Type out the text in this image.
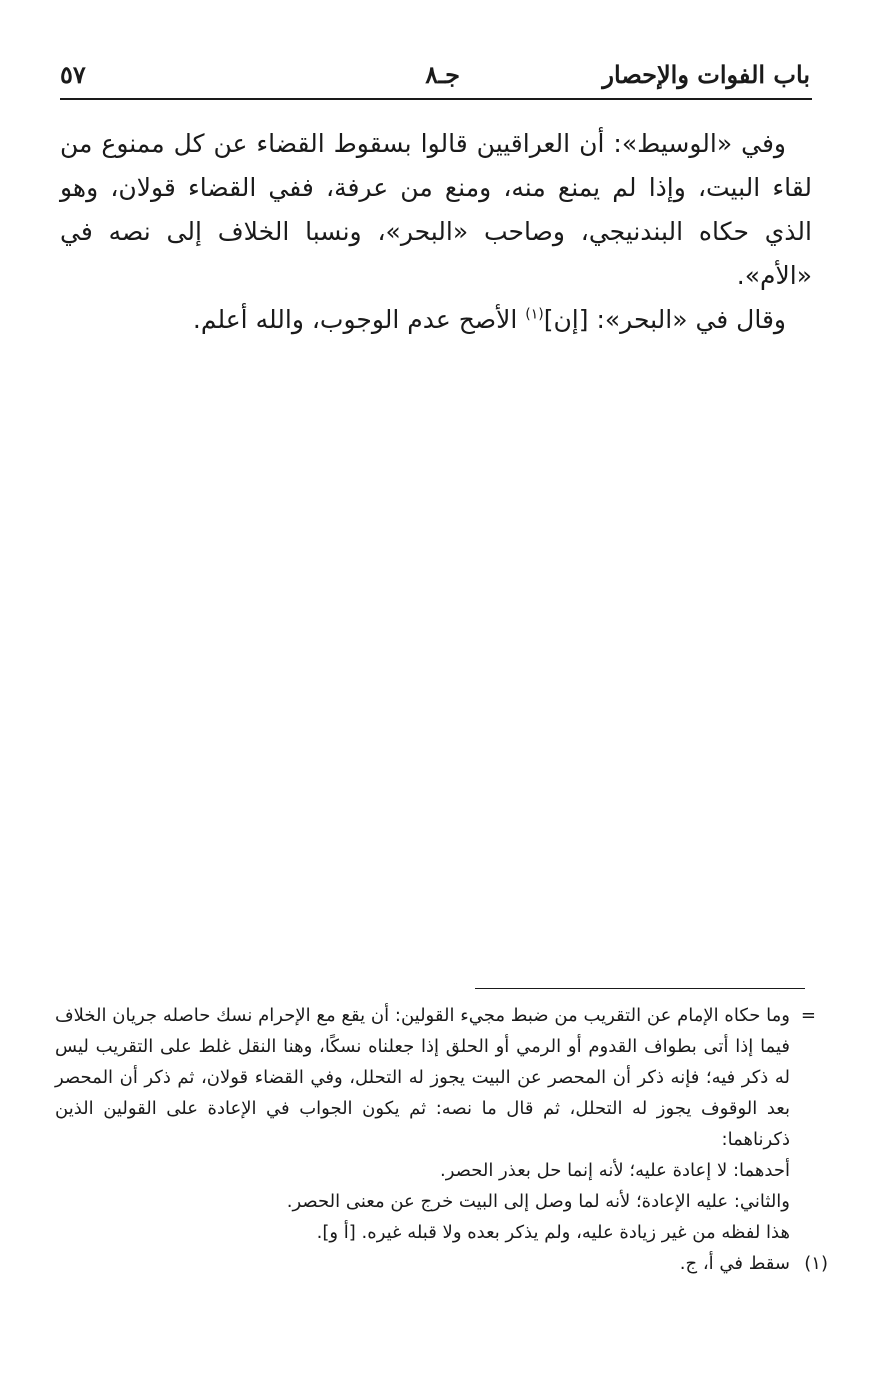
باب الفوات والإحصار
جـ٨
٥٧

وفي «الوسيط»: أن العراقيين قالوا بسقوط القضاء عن كل ممنوع من لقاء البيت، وإذا لم يمنع منه، ومنع من عرفة، ففي القضاء قولان، وهو الذي حكاه البندنيجي، وصاحب «البحر»، ونسبا الخلاف إلى نصه في «الأم».

وقال في «البحر»: [إن]$^{(١)}$ الأصح عدم الوجوب، والله أعلم.

=

وما حكاه الإمام عن التقريب من ضبط مجيء القولين: أن يقع مع الإحرام نسك حاصله جريان الخلاف فيما إذا أتى بطواف القدوم أو الرمي أو الحلق إذا جعلناه نسكًا، وهنا النقل غلط على التقريب ليس له ذكر فيه؛ فإنه ذكر أن المحصر عن البيت يجوز له التحلل، وفي القضاء قولان، ثم ذكر أن المحصر بعد الوقوف يجوز له التحلل، ثم قال ما نصه: ثم يكون الجواب في الإعادة على القولين الذين ذكرناهما:

أحدهما: لا إعادة عليه؛ لأنه إنما حل بعذر الحصر.

والثاني: عليه الإعادة؛ لأنه لما وصل إلى البيت خرج عن معنى الحصر.

هذا لفظه من غير زيادة عليه، ولم يذكر بعده ولا قبله غيره. [أ و].

(١)
سقط في أ، ج.
